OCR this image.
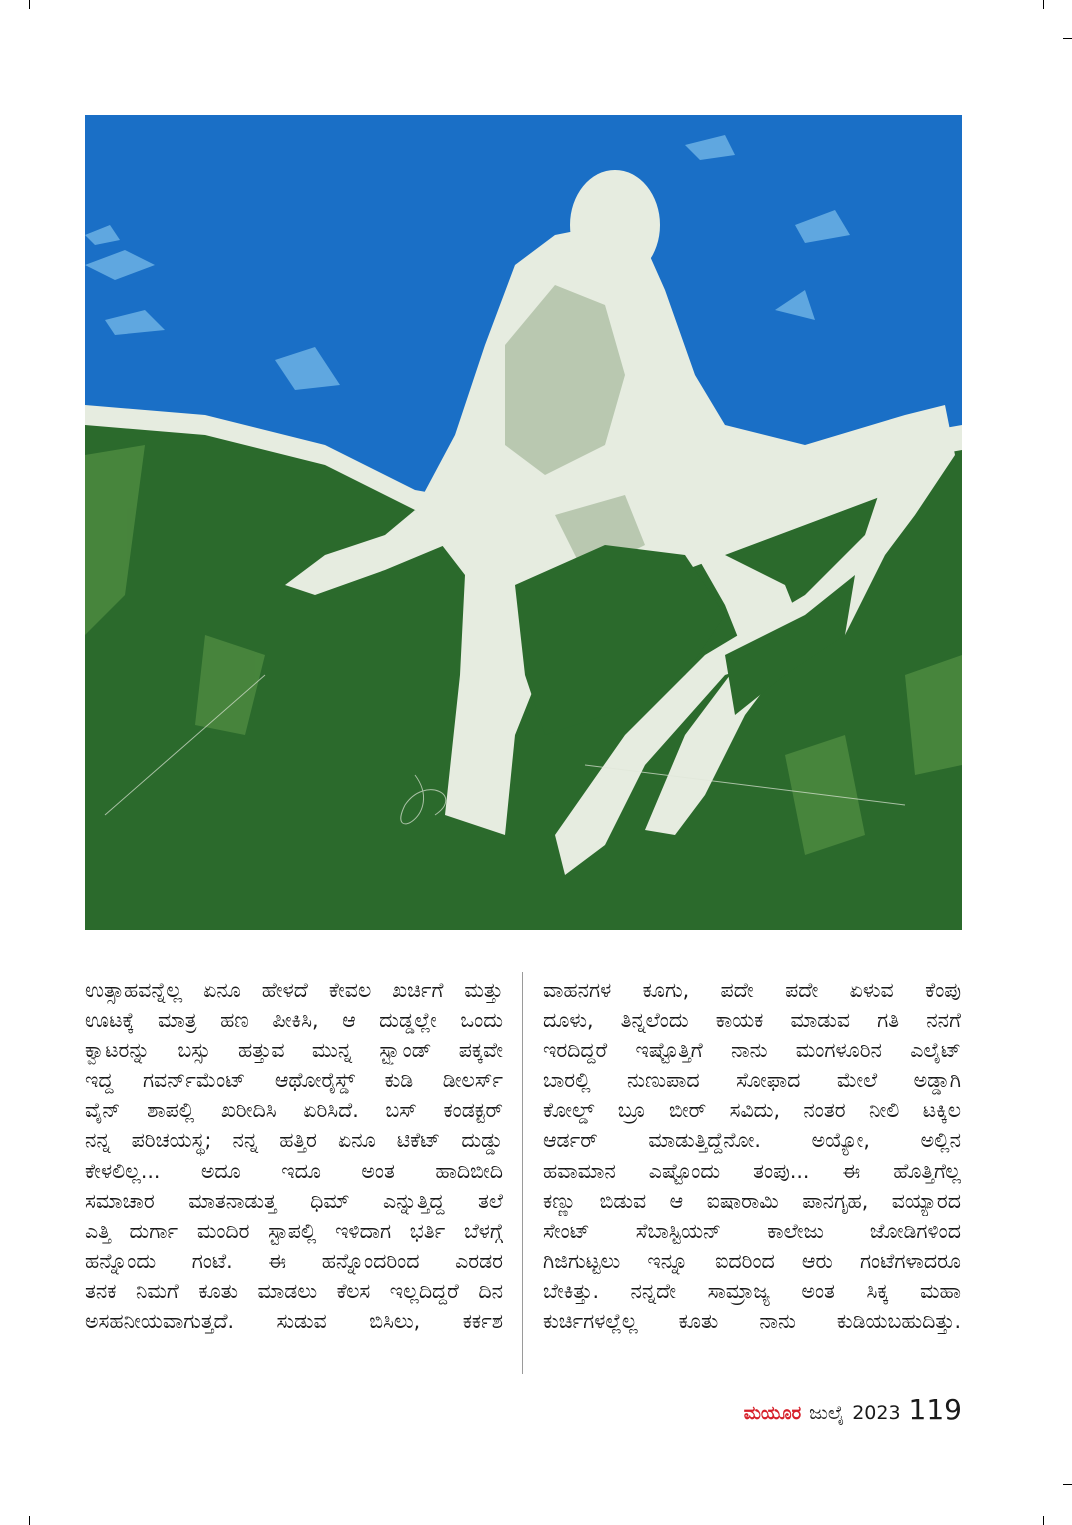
ಉತ್ಸಾಹವನ್ನೆಲ್ಲ ಏನೂ ಹೇಳದೆ ಕೇವಲ ಖರ್ಚಿಗೆ ಮತ್ತು
ಊಟಕ್ಕೆ ಮಾತ್ರ ಹಣ ಪೀಕಿಸಿ, ಆ ದುಡ್ಡಲ್ಲೇ ಒಂದು
ಕ್ವಾಟರನ್ನು ಬಸ್ಸು ಹತ್ತುವ ಮುನ್ನ ಸ್ಟ್ಯಾಂಡ್ ಪಕ್ಕವೇ
ಇದ್ದ ಗವರ್ನ್‌ಮೆಂಟ್ ಆಥೋರೈಸ್ಡ್ ಕುಡಿ ಡೀಲರ್ಸ್
ವೈನ್ ಶಾಪಲ್ಲಿ ಖರೀದಿಸಿ ಏರಿಸಿದೆ. ಬಸ್ ಕಂಡಕ್ಟರ್
ನನ್ನ ಪರಿಚಯಸ್ಥ; ನನ್ನ ಹತ್ತಿರ ಏನೂ ಟಿಕೆಟ್ ದುಡ್ಡು
ಕೇಳಲಿಲ್ಲ... ಅದೂ ಇದೂ ಅಂತ ಹಾದಿಬೀದಿ
ಸಮಾಚಾರ ಮಾತನಾಡುತ್ತ ಧಿಮ್ ಎನ್ನುತ್ತಿದ್ದ ತಲೆ
ಎತ್ತಿ ದುರ್ಗಾ ಮಂದಿರ ಸ್ಟಾಪಲ್ಲಿ ಇಳಿದಾಗ ಭರ್ತಿ ಬೆಳಗ್ಗೆ
ಹನ್ನೊಂದು ಗಂಟೆ. ಈ ಹನ್ನೊಂದರಿಂದ ಎರಡರ
ತನಕ ನಿಮಗೆ ಕೂತು ಮಾಡಲು ಕೆಲಸ ಇಲ್ಲದಿದ್ದರೆ ದಿನ
ಅಸಹನೀಯವಾಗುತ್ತದೆ. ಸುಡುವ ಬಿಸಿಲು, ಕರ್ಕಶ
ವಾಹನಗಳ ಕೂಗು, ಪದೇ ಪದೇ ಏಳುವ ಕೆಂಪು
ದೂಳು, ತಿನ್ನಲೆಂದು ಕಾಯಕ ಮಾಡುವ ಗತಿ ನನಗೆ
ಇರದಿದ್ದರೆ ಇಷ್ಟೊತ್ತಿಗೆ ನಾನು ಮಂಗಳೂರಿನ ಎಲೈಟ್
ಬಾರಲ್ಲಿ ನುಣುಪಾದ ಸೋಫಾದ ಮೇಲೆ ಅಡ್ಡಾಗಿ
ಕೋಲ್ಡ್ ಬ್ರೂ ಬೀರ್ ಸವಿದು, ನಂತರ ನೀಲಿ ಟಕ್ಕಿಲ
ಆರ್ಡರ್ ಮಾಡುತ್ತಿದ್ದೆನೋ. ಅಯ್ಯೋ, ಅಲ್ಲಿನ
ಹವಾಮಾನ ಎಷ್ಟೊಂದು ತಂಪು... ಈ ಹೊತ್ತಿಗೆಲ್ಲ
ಕಣ್ಣು ಬಿಡುವ ಆ ಐಷಾರಾಮಿ ಪಾನಗೃಹ, ವಯ್ಯಾರದ
ಸೇಂಟ್ ಸೆಬಾಸ್ಟಿಯನ್ ಕಾಲೇಜು ಜೋಡಿಗಳಿಂದ
ಗಿಜಿಗುಟ್ಟಲು ಇನ್ನೂ ಐದರಿಂದ ಆರು ಗಂಟೆಗಳಾದರೂ
ಬೇಕಿತ್ತು. ನನ್ನದೇ ಸಾಮ್ರಾಜ್ಯ ಅಂತ ಸಿಕ್ಕ ಮಹಾ
ಕುರ್ಚಿಗಳಲ್ಲೆಲ್ಲ ಕೂತು ನಾನು ಕುಡಿಯಬಹುದಿತ್ತು.
ಮಯೂರ ಜುಲೈ 2023 119
